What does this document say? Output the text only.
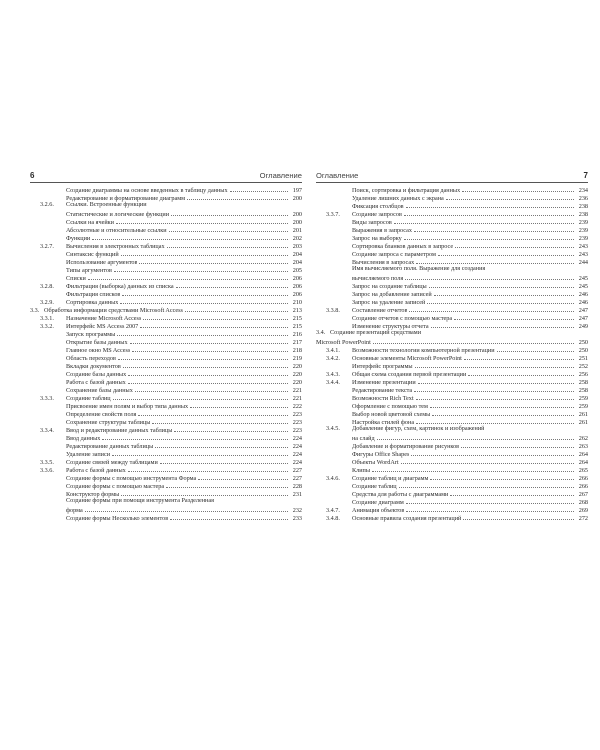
6	Оглавление
Создание диаграммы на основе введенных в таблицу данных	197
Редактирование и форматирование диаграмм	200
3.2.6.	Ссылки. Встроенные функции
Статистические и логические функции	200
Ссылки на ячейки	200
Абсолютные и относительные ссылки	201
Функции	202
3.2.7.	Вычисления в электронных таблицах	203
Синтаксис функций	204
Использование аргументов	204
Типы аргументов	205
Списки	206
3.2.8.	Фильтрация (выборка) данных из списка	206
Фильтрация списков	206
3.2.9.	Сортировка данных	210
3.3. Обработка информации средствами Microsoft Access	213
3.3.1.	Назначение Microsoft Access	215
3.3.2.	Интерфейс MS Access 2007	215
Запуск программы	216
Открытие базы данных	217
Главное окно MS Access	218
Область переходов	219
Вкладки документов	220
Создание базы данных	220
Работа с базой данных	220
Сохранение базы данных	221
3.3.3.	Создание таблиц	221
Присвоение имен полям и выбор типа данных	222
Определение свойств поля	223
Сохранение структуры таблицы	223
3.3.4.	Ввод и редактирование данных таблицы	223
Ввод данных	224
Редактирование данных таблицы	224
Удаление записи	224
3.3.5.	Создание связей между таблицами	224
3.3.6.	Работа с базой данных	227
Создание формы с помощью инструмента Форма	227
Создание формы с помощью мастера	228
Конструктор формы	231
Создание формы при помощи инструмента Разделенная
форма	232
Создание формы Несколько элементов	233
7
Оглавление
Поиск, сортировка и фильтрация данных	234
Удаление лишних данных с экрана	236
Фиксация столбцов	238
3.3.7.	Создание запросов	238
Виды запросов	239
Выражения в запросах	239
Запрос на выборку	239
Сортировка бланков данных в запросе	243
Создание запроса с параметром	243
Вычисления в запросах	244
Имя вычисляемого поля. Выражение для создания
вычисляемого поля	245
Запрос на создание таблицы	245
Запрос на добавление записей	246
Запрос на удаление записей	246
3.3.8.	Составление отчетов	247
Создание отчетов с помощью мастера	247
Изменение структуры отчета	249
3.4. Создание презентаций средствами
Microsoft PowerPoint	250
3.4.1.	Возможности технологии компьютерной презентации	250
3.4.2.	Основные элементы Microsoft PowerPoint	251
Интерфейс программы	252
3.4.3.	Общая схема создания первой презентации	256
3.4.4.	Изменение презентации	258
Редактирование текста	258
Возможности Rich Text	259
Оформление с помощью тем	259
Выбор новой цветовой схемы	261
Настройка стилей фона	261
3.4.5.	Добавление фигур, схем, картинок и изображений
на слайд	262
Добавление и форматирование рисунков	263
Фигуры Office Shapes	264
Объекты WordArt	264
Клипы	265
3.4.6.	Создание таблиц и диаграмм	266
Создание таблиц	266
Средства для работы с диаграммами	267
Создание диаграмм	268
3.4.7.	Анимация объектов	269
3.4.8.	Основные правила создания презентаций	272
